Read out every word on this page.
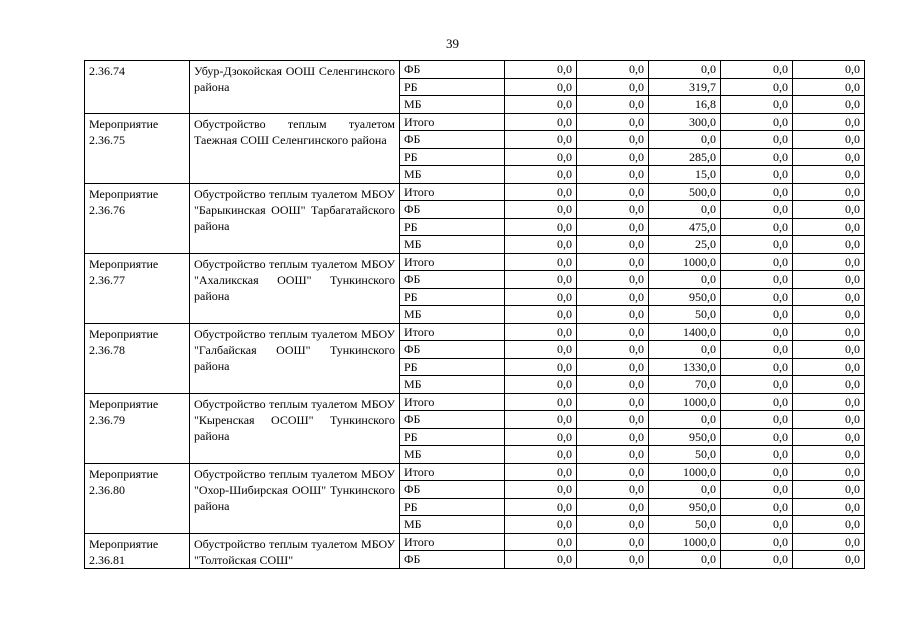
39
2.36.74	Убур-Дзокойская ООШ Селенгинского района	ФБ	0,0	0,0	0,0	0,0	0,0
		РБ	0,0	0,0	319,7	0,0	0,0
		МБ	0,0	0,0	16,8	0,0	0,0
Мероприятие 2.36.75	Обустройство теплым туалетом Таежная СОШ Селенгинского района	Итого	0,0	0,0	300,0	0,0	0,0
		ФБ	0,0	0,0	0,0	0,0	0,0
		РБ	0,0	0,0	285,0	0,0	0,0
		МБ	0,0	0,0	15,0	0,0	0,0
Мероприятие 2.36.76	Обустройство теплым туалетом МБОУ "Барыкинская ООШ" Тарбагатайского района	Итого	0,0	0,0	500,0	0,0	0,0
		ФБ	0,0	0,0	0,0	0,0	0,0
		РБ	0,0	0,0	475,0	0,0	0,0
		МБ	0,0	0,0	25,0	0,0	0,0
Мероприятие 2.36.77	Обустройство теплым туалетом МБОУ "Ахаликская ООШ" Тункинского района	Итого	0,0	0,0	1000,0	0,0	0,0
		ФБ	0,0	0,0	0,0	0,0	0,0
		РБ	0,0	0,0	950,0	0,0	0,0
		МБ	0,0	0,0	50,0	0,0	0,0
Мероприятие 2.36.78	Обустройство теплым туалетом МБОУ "Галбайская ООШ" Тункинского района	Итого	0,0	0,0	1400,0	0,0	0,0
		ФБ	0,0	0,0	0,0	0,0	0,0
		РБ	0,0	0,0	1330,0	0,0	0,0
		МБ	0,0	0,0	70,0	0,0	0,0
Мероприятие 2.36.79	Обустройство теплым туалетом МБОУ "Кыренская ОСОШ" Тункинского района	Итого	0,0	0,0	1000,0	0,0	0,0
		ФБ	0,0	0,0	0,0	0,0	0,0
		РБ	0,0	0,0	950,0	0,0	0,0
		МБ	0,0	0,0	50,0	0,0	0,0
Мероприятие 2.36.80	Обустройство теплым туалетом МБОУ "Охор-Шибирская ООШ" Тункинского района	Итого	0,0	0,0	1000,0	0,0	0,0
		ФБ	0,0	0,0	0,0	0,0	0,0
		РБ	0,0	0,0	950,0	0,0	0,0
		МБ	0,0	0,0	50,0	0,0	0,0
Мероприятие 2.36.81	Обустройство теплым туалетом МБОУ "Толтойская СОШ"	Итого	0,0	0,0	1000,0	0,0	0,0
		ФБ	0,0	0,0	0,0	0,0	0,0
